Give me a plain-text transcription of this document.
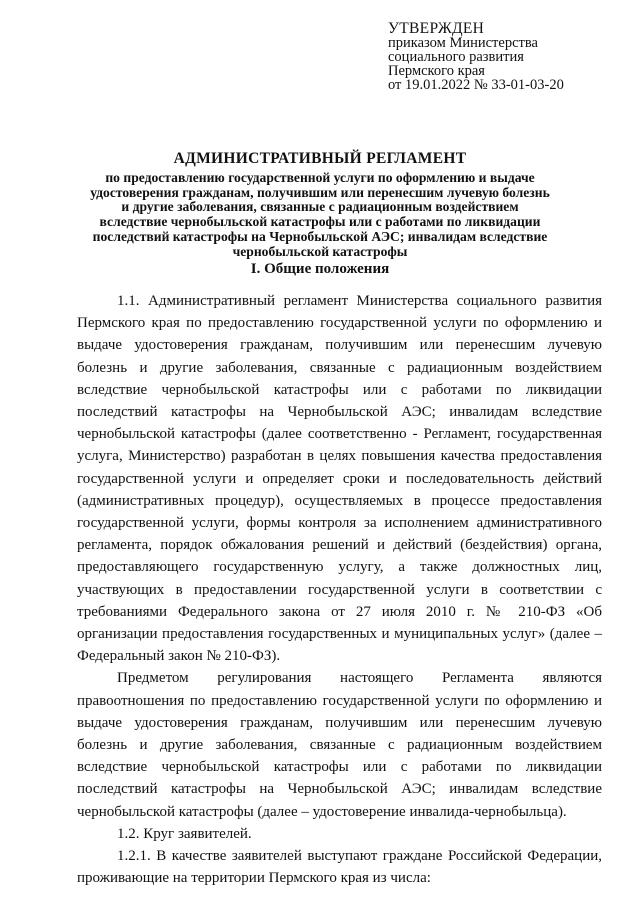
УТВЕРЖДЕН
приказом Министерства
социального развития
Пермского края
от 19.01.2022 № 33-01-03-20
АДМИНИСТРАТИВНЫЙ РЕГЛАМЕНТ
по предоставлению государственной услуги по оформлению и выдаче
удостоверения гражданам, получившим или перенесшим лучевую болезнь
и другие заболевания, связанные с радиационным воздействием
вследствие чернобыльской катастрофы или с работами по ликвидации
последствий катастрофы на Чернобыльской АЭС; инвалидам вследствие
чернобыльской катастрофы
I. Общие положения

1.1. Административный регламент Министерства социального развития Пермского края по предоставлению государственной услуги по оформлению и выдаче удостоверения гражданам, получившим или перенесшим лучевую болезнь и другие заболевания, связанные с радиационным воздействием вследствие чернобыльской катастрофы или с работами по ликвидации последствий катастрофы на Чернобыльской АЭС; инвалидам вследствие чернобыльской катастрофы (далее соответственно - Регламент, государственная услуга, Министерство) разработан в целях повышения качества предоставления государственной услуги и определяет сроки и последовательность действий (административных процедур), осуществляемых в процессе предоставления государственной услуги, формы контроля за исполнением административного регламента, порядок обжалования решений и действий (бездействия) органа, предоставляющего государственную услугу, а также должностных лиц, участвующих в предоставлении государственной услуги в соответствии с требованиями Федерального закона от 27 июля 2010 г. № 210-ФЗ «Об организации предоставления государственных и муниципальных услуг» (далее – Федеральный закон № 210-ФЗ).

Предметом регулирования настоящего Регламента являются правоотношения по предоставлению государственной услуги по оформлению и выдаче удостоверения гражданам, получившим или перенесшим лучевую болезнь и другие заболевания, связанные с радиационным воздействием вследствие чернобыльской катастрофы или с работами по ликвидации последствий катастрофы на Чернобыльской АЭС; инвалидам вследствие чернобыльской катастрофы (далее – удостоверение инвалида-чернобыльца).

1.2. Круг заявителей.

1.2.1. В качестве заявителей выступают граждане Российской Федерации, проживающие на территории Пермского края из числа:
